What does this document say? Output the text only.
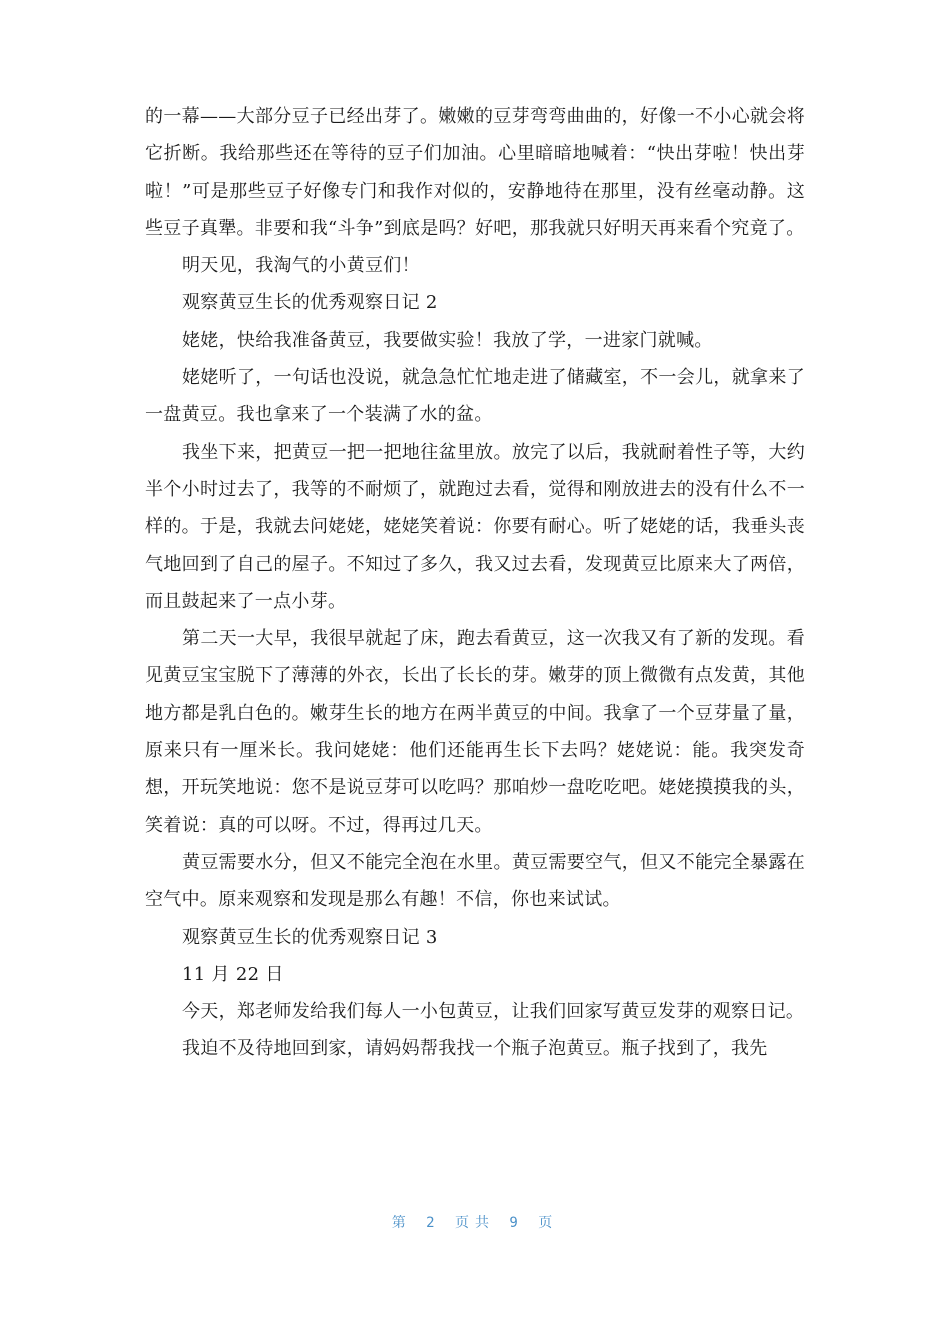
的一幕——大部分豆子已经出芽了。嫩嫩的豆芽弯弯曲曲的，好像一不小心就会将它折断。我给那些还在等待的豆子们加油。心里暗暗地喊着：“快出芽啦！快出芽啦！”可是那些豆子好像专门和我作对似的，安静地待在那里，没有丝毫动静。这些豆子真犟。非要和我“斗争”到底是吗？好吧，那我就只好明天再来看个究竟了。

明天见，我淘气的小黄豆们！

观察黄豆生长的优秀观察日记 2

姥姥，快给我准备黄豆，我要做实验！我放了学，一进家门就喊。

姥姥听了，一句话也没说，就急急忙忙地走进了储藏室，不一会儿，就拿来了一盘黄豆。我也拿来了一个装满了水的盆。

我坐下来，把黄豆一把一把地往盆里放。放完了以后，我就耐着性子等，大约半个小时过去了，我等的不耐烦了，就跑过去看，觉得和刚放进去的没有什么不一样的。于是，我就去问姥姥，姥姥笑着说：你要有耐心。听了姥姥的话，我垂头丧气地回到了自己的屋子。不知过了多久，我又过去看，发现黄豆比原来大了两倍，而且鼓起来了一点小芽。

第二天一大早，我很早就起了床，跑去看黄豆，这一次我又有了新的发现。看见黄豆宝宝脱下了薄薄的外衣，长出了长长的芽。嫩芽的顶上微微有点发黄，其他地方都是乳白色的。嫩芽生长的地方在两半黄豆的中间。我拿了一个豆芽量了量，原来只有一厘米长。我问姥姥：他们还能再生长下去吗？姥姥说：能。我突发奇想，开玩笑地说：您不是说豆芽可以吃吗？那咱炒一盘吃吃吧。姥姥摸摸我的头，笑着说：真的可以呀。不过，得再过几天。

黄豆需要水分，但又不能完全泡在水里。黄豆需要空气，但又不能完全暴露在空气中。原来观察和发现是那么有趣！不信，你也来试试。

观察黄豆生长的优秀观察日记 3

11 月 22 日

今天，郑老师发给我们每人一小包黄豆，让我们回家写黄豆发芽的观察日记。

我迫不及待地回到家，请妈妈帮我找一个瓶子泡黄豆。瓶子找到了，我先

第 2 页共 9 页
